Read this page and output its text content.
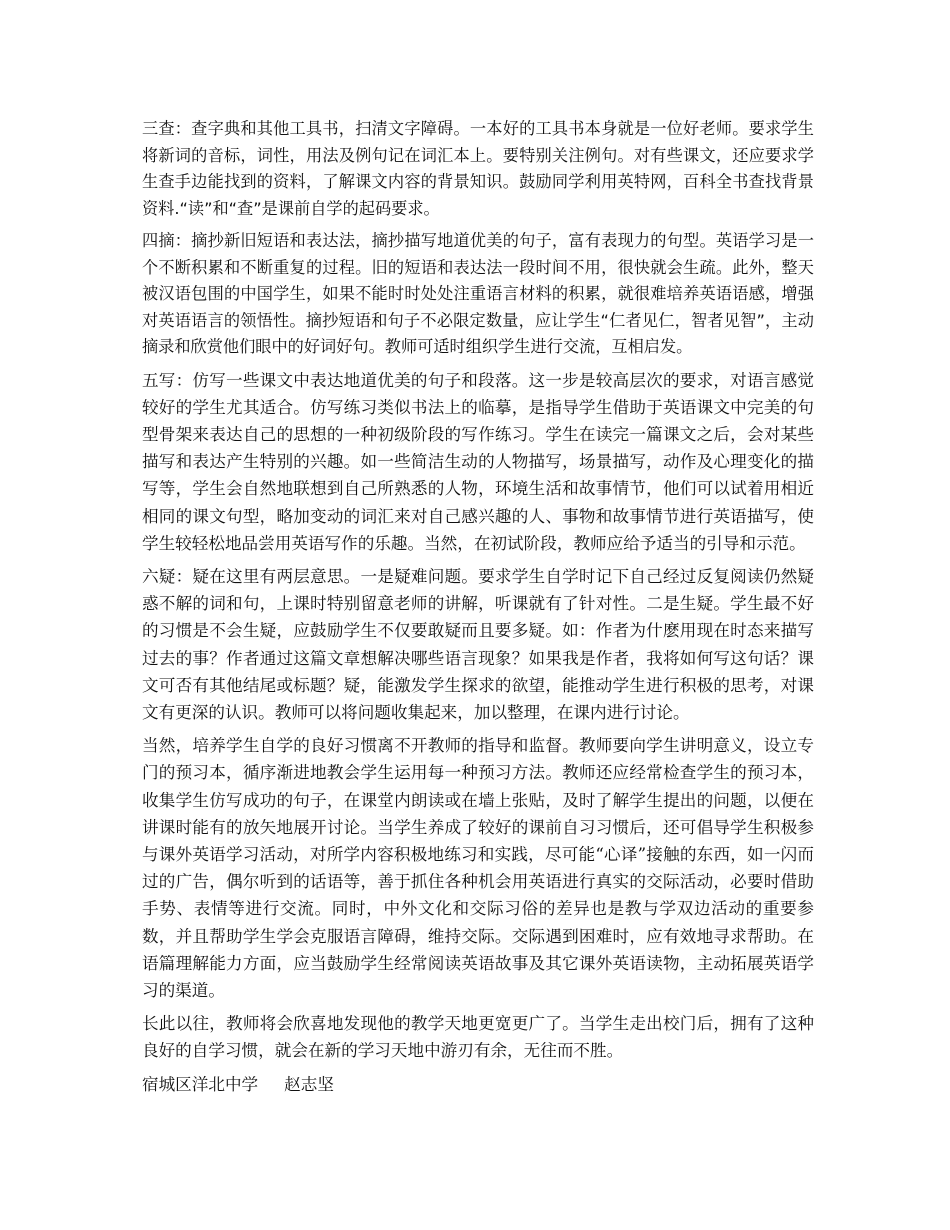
三查：查字典和其他工具书，扫清文字障碍。一本好的工具书本身就是一位好老师。要求学生将新词的音标，词性，用法及例句记在词汇本上。要特别关注例句。对有些课文，还应要求学生查手边能找到的资料，了解课文内容的背景知识。鼓励同学利用英特网，百科全书查找背景资料.“读”和“查”是课前自学的起码要求。

四摘：摘抄新旧短语和表达法，摘抄描写地道优美的句子，富有表现力的句型。英语学习是一个不断积累和不断重复的过程。旧的短语和表达法一段时间不用，很快就会生疏。此外，整天被汉语包围的中国学生，如果不能时时处处注重语言材料的积累，就很难培养英语语感，增强对英语语言的领悟性。摘抄短语和句子不必限定数量，应让学生“仁者见仁，智者见智”，主动摘录和欣赏他们眼中的好词好句。教师可适时组织学生进行交流，互相启发。

五写：仿写一些课文中表达地道优美的句子和段落。这一步是较高层次的要求，对语言感觉较好的学生尤其适合。仿写练习类似书法上的临摹，是指导学生借助于英语课文中完美的句型骨架来表达自己的思想的一种初级阶段的写作练习。学生在读完一篇课文之后，会对某些描写和表达产生特别的兴趣。如一些简洁生动的人物描写，场景描写，动作及心理变化的描写等，学生会自然地联想到自己所熟悉的人物，环境生活和故事情节，他们可以试着用相近相同的课文句型，略加变动的词汇来对自己感兴趣的人、事物和故事情节进行英语描写，使学生较轻松地品尝用英语写作的乐趣。当然，在初试阶段，教师应给予适当的引导和示范。

六疑：疑在这里有两层意思。一是疑难问题。要求学生自学时记下自己经过反复阅读仍然疑惑不解的词和句，上课时特别留意老师的讲解，听课就有了针对性。二是生疑。学生最不好的习惯是不会生疑，应鼓励学生不仅要敢疑而且要多疑。如：作者为什麽用现在时态来描写过去的事？作者通过这篇文章想解决哪些语言现象？如果我是作者，我将如何写这句话？课文可否有其他结尾或标题？疑，能激发学生探求的欲望，能推动学生进行积极的思考，对课文有更深的认识。教师可以将问题收集起来，加以整理，在课内进行讨论。

当然，培养学生自学的良好习惯离不开教师的指导和监督。教师要向学生讲明意义，设立专门的预习本，循序渐进地教会学生运用每一种预习方法。教师还应经常检查学生的预习本，收集学生仿写成功的句子，在课堂内朗读或在墙上张贴，及时了解学生提出的问题，以便在讲课时能有的放矢地展开讨论。当学生养成了较好的课前自习习惯后，还可倡导学生积极参与课外英语学习活动，对所学内容积极地练习和实践，尽可能“心译”接触的东西，如一闪而过的广告，偶尔听到的话语等，善于抓住各种机会用英语进行真实的交际活动，必要时借助手势、表情等进行交流。同时，中外文化和交际习俗的差异也是教与学双边活动的重要参数，并且帮助学生学会克服语言障碍，维持交际。交际遇到困难时，应有效地寻求帮助。在语篇理解能力方面，应当鼓励学生经常阅读英语故事及其它课外英语读物，主动拓展英语学习的渠道。

长此以往，教师将会欣喜地发现他的教学天地更宽更广了。当学生走出校门后，拥有了这种良好的自学习惯，就会在新的学习天地中游刃有余，无往而不胜。

宿城区洋北中学 赵志坚
